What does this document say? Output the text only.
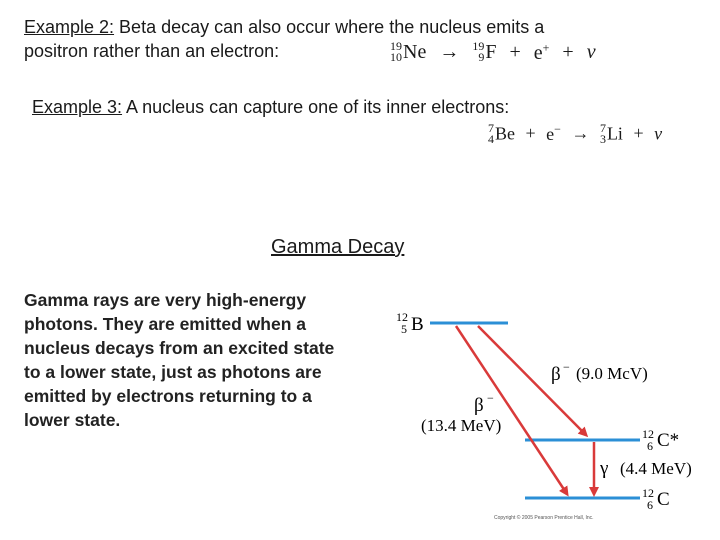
Example 2: Beta decay can also occur where the nucleus emits a
positron rather than an electron:	19
10 Ne → 19
9 F + e+ + ν
Example 3: A nucleus can capture one of its inner electrons:
7
4 Be + e− → 7
3 Li + ν
Gamma Decay
Gamma rays are very high-energy
photons. They are emitted when a
nucleus decays from an excited state
to a lower state, just as photons are
emitted by electrons returning to a
lower state.
12
5 B
β −
(13.4 MeV)
β − (9.0 McV)
12
6 C*
γ (4.4 MeV)
12
6 C
Copyright © 2005 Pearson Prentice Hall, Inc.
